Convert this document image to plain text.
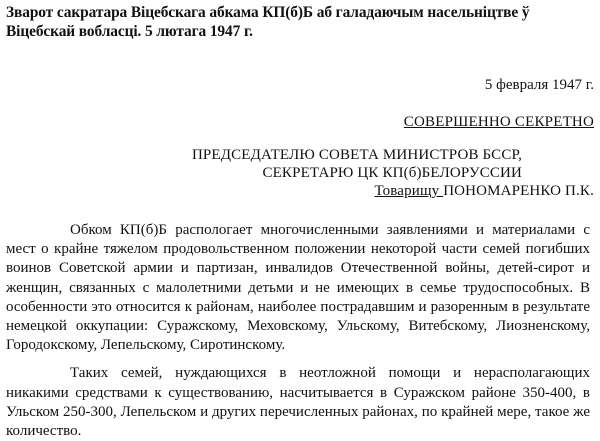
Зварот сакратара Віцебскага абкама КП(б)Б аб галадаючым насельніцтве ў Віцебскай вобласці. 5 лютага 1947 г.
5 февраля 1947 г.
СОВЕРШЕННО СЕКРЕТНО
ПРЕДСЕДАТЕЛЮ СОВЕТА МИНИСТРОВ БССР,
СЕКРЕТАРЮ ЦК КП(б)БЕЛОРУССИИ
Товарищу ПОНОМАРЕНКО П.К.

Обком КП(б)Б распологает многочисленными заявлениями и материалами с мест о крайне тяжелом продовольственном положении некоторой части семей погибших воинов Советской армии и партизан, инвалидов Отечественной войны, детей-сирот и женщин, связанных с малолетними детьми и не имеющих в семье трудоспособных. В особенности это относится к районам, наиболее пострадавшим и разоренным в результате немецкой оккупации: Суражскому, Меховскому, Ульскому, Витебскому, Лиозненскому, Городокскому, Лепельскому, Сиротинскому.

Таких семей, нуждающихся в неотложной помощи и нерасполагающих никакими средствами к существованию, насчитывается в Суражском районе 350-400, в Ульском 250-300, Лепельском и других перечисленных районах, по крайней мере, такое же количество.
